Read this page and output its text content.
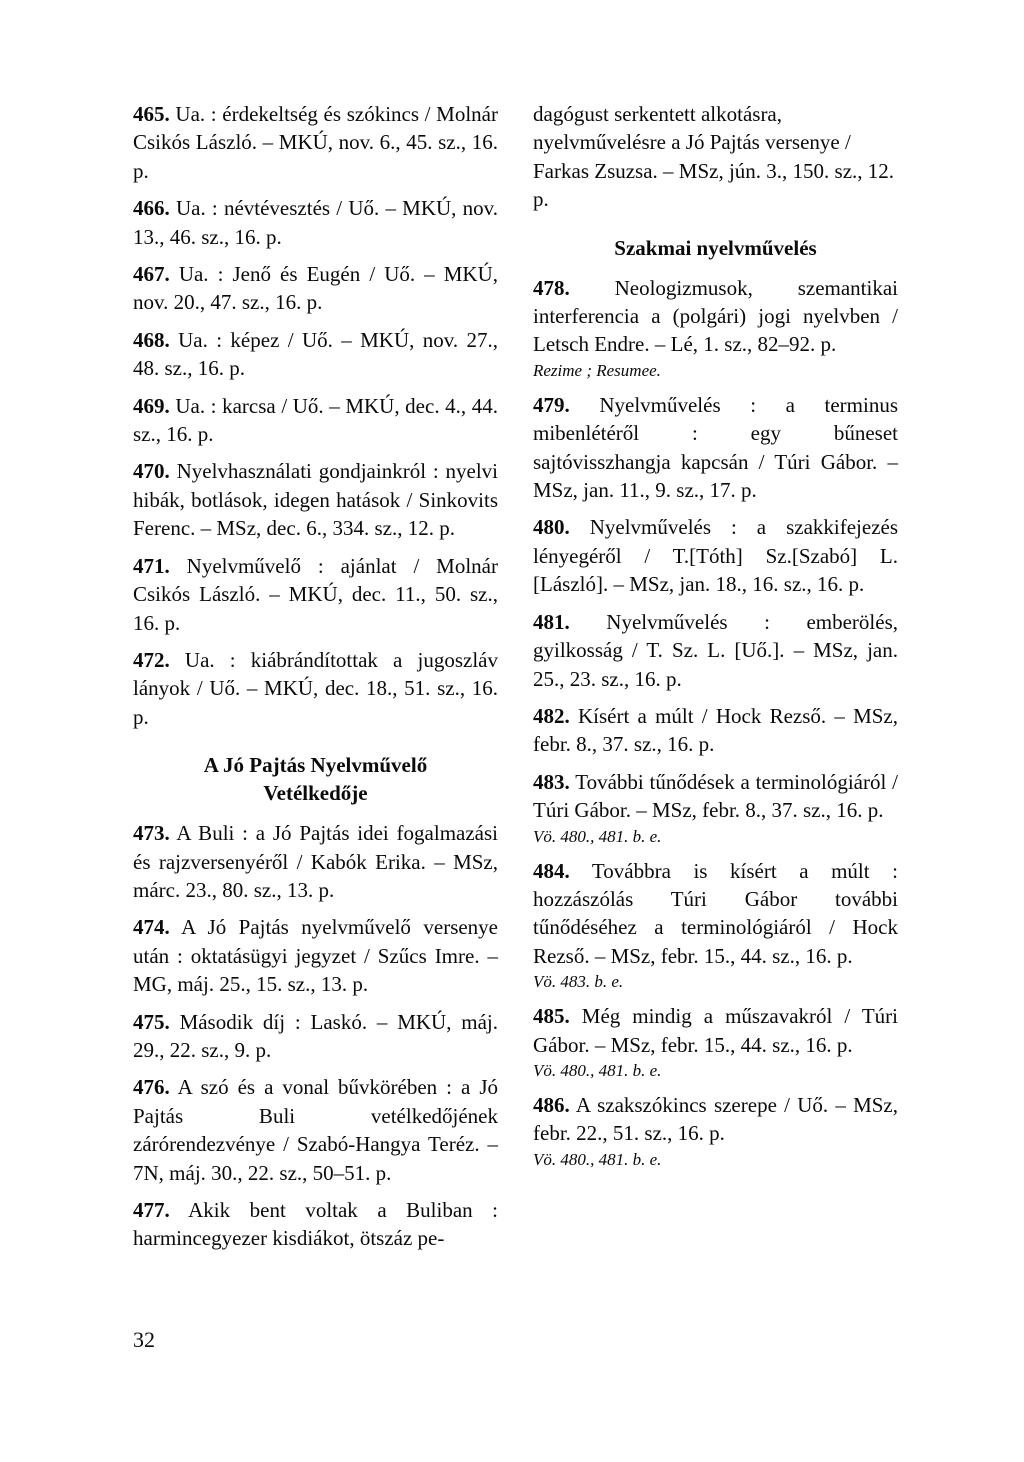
465. Ua. : érdekeltség és szókincs / Molnár Csikós László. – MKÚ, nov. 6., 45. sz., 16. p.
466. Ua. : névtévesztés / Uő. – MKÚ, nov. 13., 46. sz., 16. p.
467. Ua. : Jenő és Eugén / Uő. – MKÚ, nov. 20., 47. sz., 16. p.
468. Ua. : képez / Uő. – MKÚ, nov. 27., 48. sz., 16. p.
469. Ua. : karcsa / Uő. – MKÚ, dec. 4., 44. sz., 16. p.
470. Nyelvhasználati gondjainkról : nyelvi hibák, botlások, idegen hatások / Sinkovits Ferenc. – MSz, dec. 6., 334. sz., 12. p.
471. Nyelvművelő : ajánlat / Molnár Csikós László. – MKÚ, dec. 11., 50. sz., 16. p.
472. Ua. : kiábrándítottak a jugoszláv lányok / Uő. – MKÚ, dec. 18., 51. sz., 16. p.
A Jó Pajtás Nyelvművelő
Vetélkedője
473. A Buli : a Jó Pajtás idei fogalmazási és rajzversenyéről / Kabók Erika. – MSz, márc. 23., 80. sz., 13. p.
474. A Jó Pajtás nyelvművelő versenye után : oktatásügyi jegyzet / Szűcs Imre. – MG, máj. 25., 15. sz., 13. p.
475. Második díj : Laskó. – MKÚ, máj. 29., 22. sz., 9. p.
476. A szó és a vonal bűvkörében : a Jó Pajtás Buli vetélkedőjének zárórendezvénye / Szabó-Hangya Teréz. – 7N, máj. 30., 22. sz., 50–51. p.
477. Akik bent voltak a Buliban : harmincegyezer kisdiákot, ötszáz pe-
dagógust serkentett alkotásra, nyelvművelésre a Jó Pajtás versenye / Farkas Zsuzsa. – MSz, jún. 3., 150. sz., 12. p.
Szakmai nyelvművelés
478. Neologizmusok, szemantikai interferencia a (polgári) jogi nyelvben / Letsch Endre. – Lé, 1. sz., 82–92. p.
Rezime ; Resumee.
479. Nyelvművelés : a terminus mibenlétéről : egy bűneset sajtóvisszhangja kapcsán / Túri Gábor. – MSz, jan. 11., 9. sz., 17. p.
480. Nyelvművelés : a szakkifejezés lényegéről / T.[Tóth] Sz.[Szabó] L.[László]. – MSz, jan. 18., 16. sz., 16. p.
481. Nyelvművelés : emberölés, gyilkosság / T. Sz. L. [Uő.]. – MSz, jan. 25., 23. sz., 16. p.
482. Kísért a múlt / Hock Rezső. – MSz, febr. 8., 37. sz., 16. p.
483. További tűnődések a terminológiáról / Túri Gábor. – MSz, febr. 8., 37. sz., 16. p.
Vö. 480., 481. b. e.
484. Továbbra is kísért a múlt : hozzászólás Túri Gábor további tűnődéséhez a terminológiáról / Hock Rezső. – MSz, febr. 15., 44. sz., 16. p.
Vö. 483. b. e.
485. Még mindig a műszavakról / Túri Gábor. – MSz, febr. 15., 44. sz., 16. p.
Vö. 480., 481. b. e.
486. A szakszókincs szerepe / Uő. – MSz, febr. 22., 51. sz., 16. p.
Vö. 480., 481. b. e.
32
